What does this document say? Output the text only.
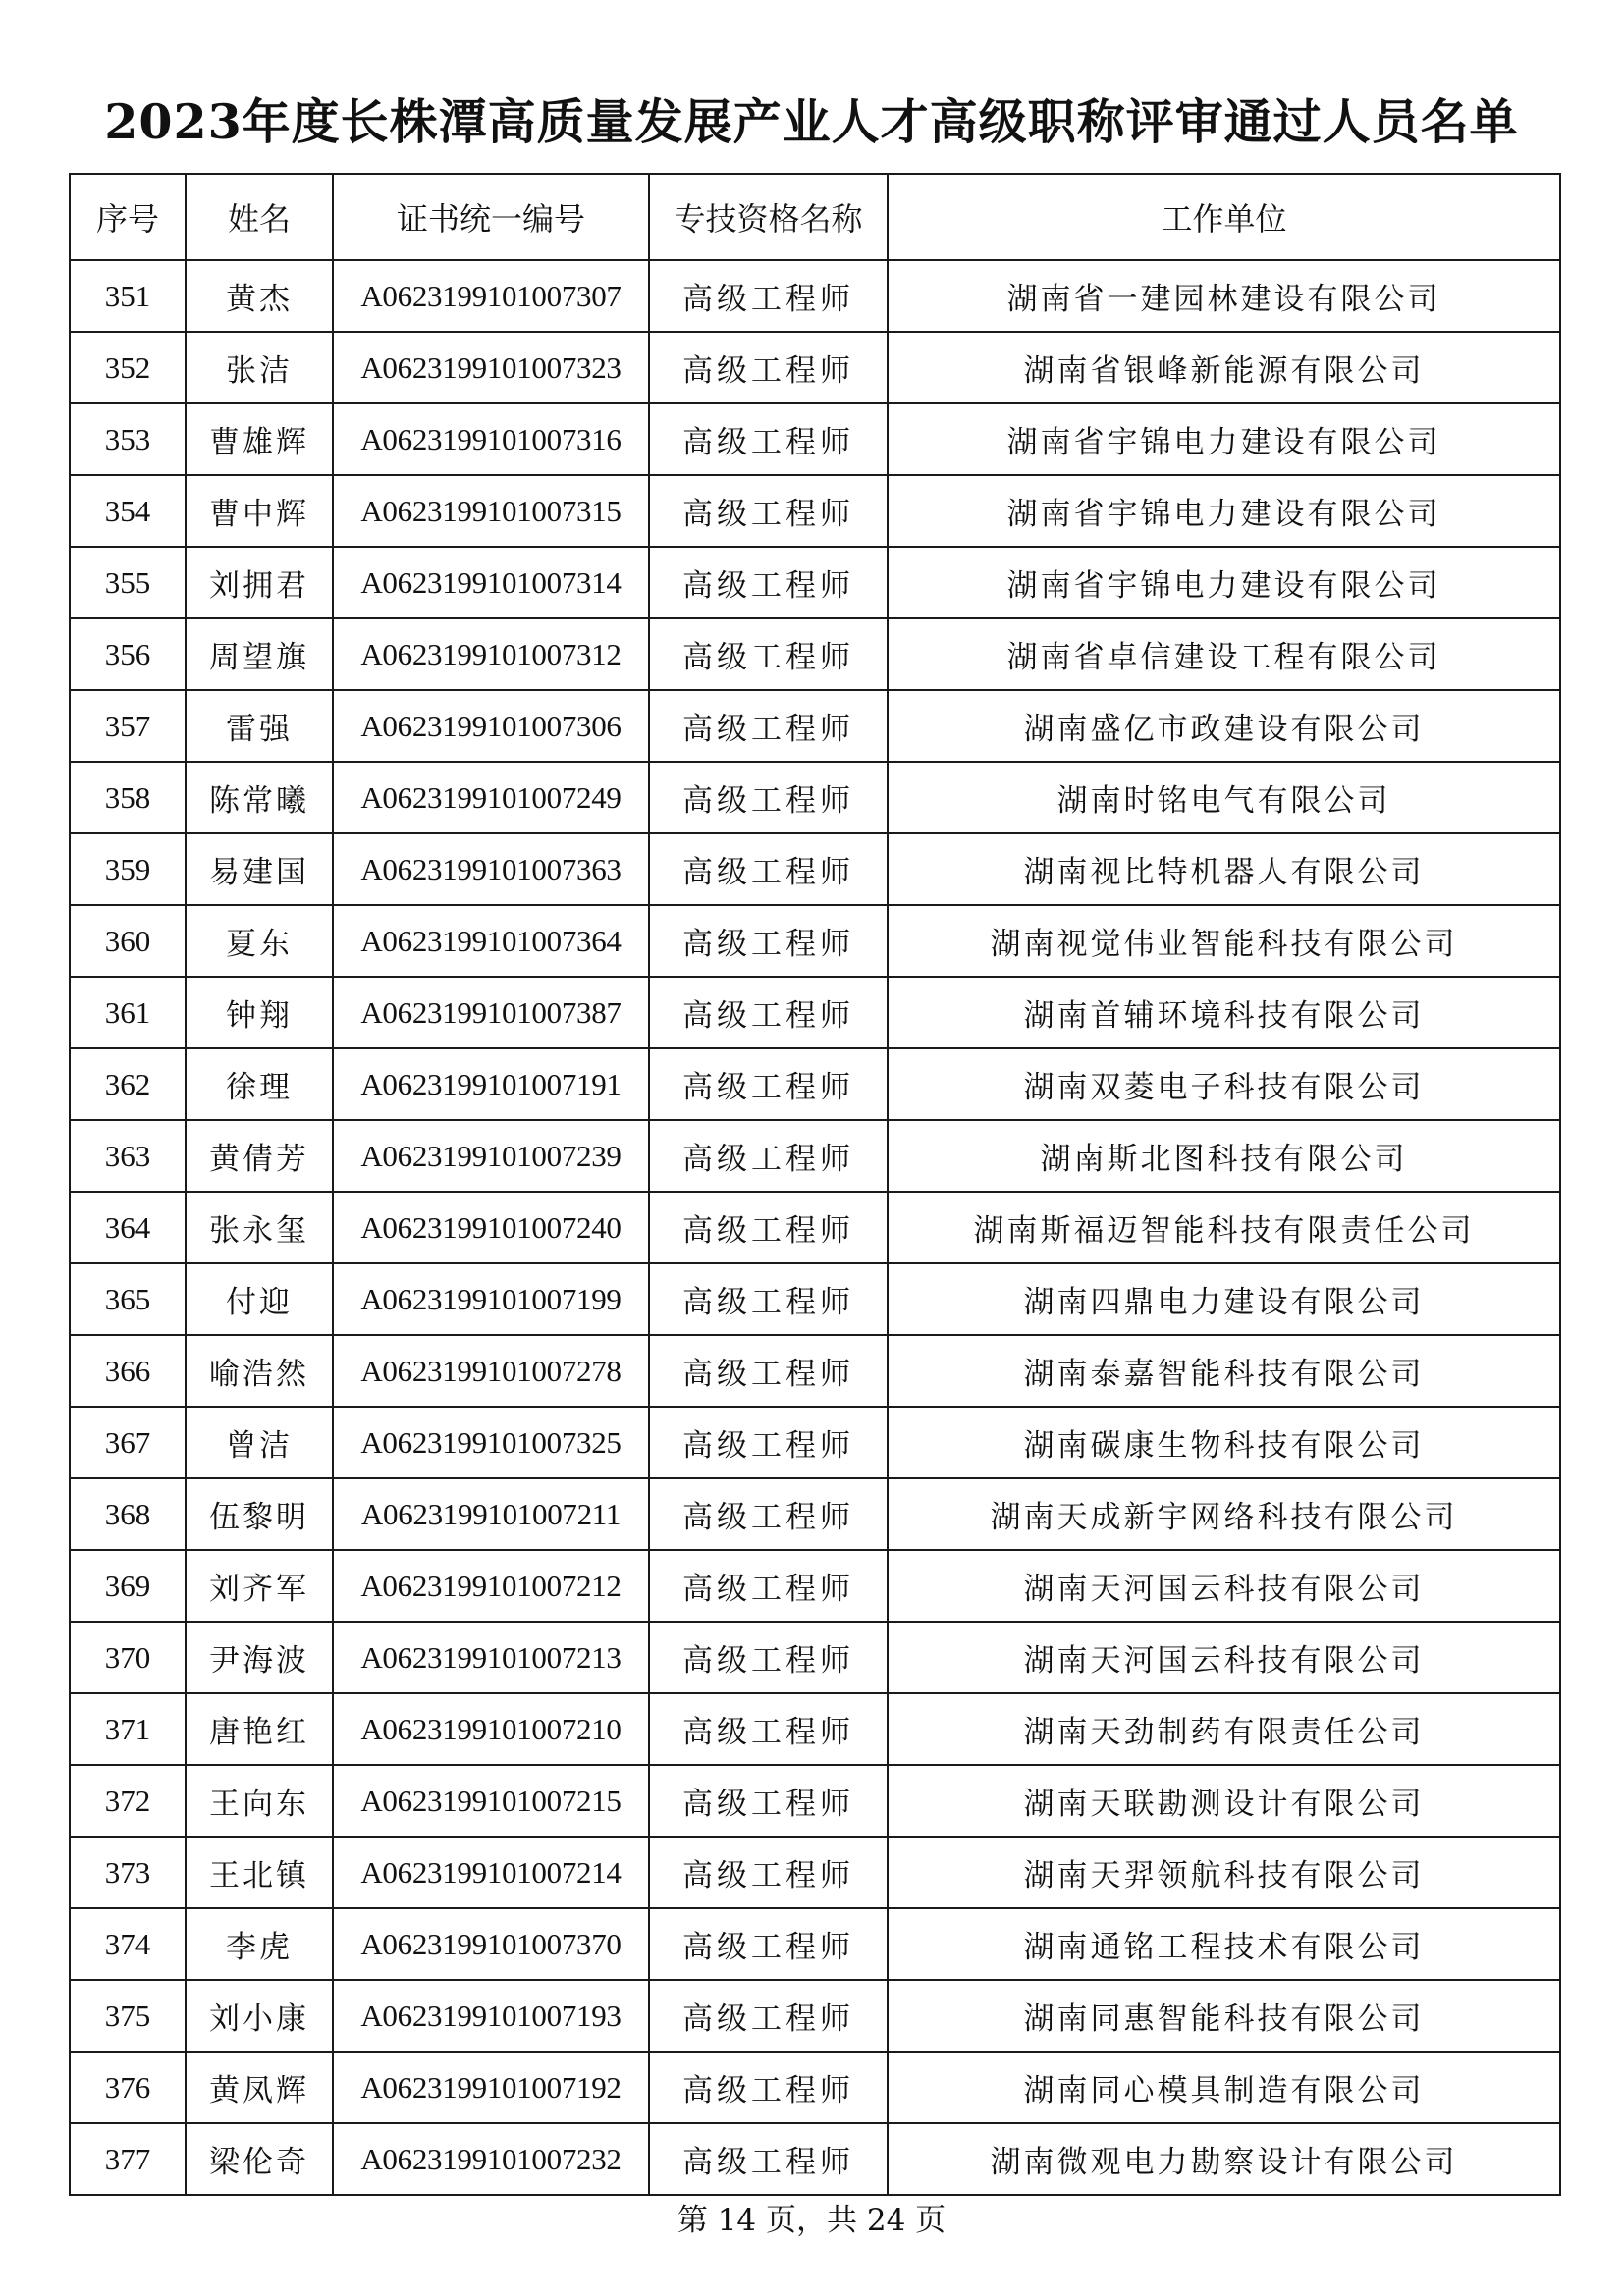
2023年度长株潭高质量发展产业人才高级职称评审通过人员名单
序号	姓名	证书统一编号	专技资格名称	工作单位
351	黄杰	A0623199101007307	高级工程师	湖南省一建园林建设有限公司
352	张洁	A0623199101007323	高级工程师	湖南省银峰新能源有限公司
353	曹雄辉	A0623199101007316	高级工程师	湖南省宇锦电力建设有限公司
354	曹中辉	A0623199101007315	高级工程师	湖南省宇锦电力建设有限公司
355	刘拥君	A0623199101007314	高级工程师	湖南省宇锦电力建设有限公司
356	周望旗	A0623199101007312	高级工程师	湖南省卓信建设工程有限公司
357	雷强	A0623199101007306	高级工程师	湖南盛亿市政建设有限公司
358	陈常曦	A0623199101007249	高级工程师	湖南时铭电气有限公司
359	易建国	A0623199101007363	高级工程师	湖南视比特机器人有限公司
360	夏东	A0623199101007364	高级工程师	湖南视觉伟业智能科技有限公司
361	钟翔	A0623199101007387	高级工程师	湖南首辅环境科技有限公司
362	徐理	A0623199101007191	高级工程师	湖南双菱电子科技有限公司
363	黄倩芳	A0623199101007239	高级工程师	湖南斯北图科技有限公司
364	张永玺	A0623199101007240	高级工程师	湖南斯福迈智能科技有限责任公司
365	付迎	A0623199101007199	高级工程师	湖南四鼎电力建设有限公司
366	喻浩然	A0623199101007278	高级工程师	湖南泰嘉智能科技有限公司
367	曾洁	A0623199101007325	高级工程师	湖南碳康生物科技有限公司
368	伍黎明	A0623199101007211	高级工程师	湖南天成新宇网络科技有限公司
369	刘齐军	A0623199101007212	高级工程师	湖南天河国云科技有限公司
370	尹海波	A0623199101007213	高级工程师	湖南天河国云科技有限公司
371	唐艳红	A0623199101007210	高级工程师	湖南天劲制药有限责任公司
372	王向东	A0623199101007215	高级工程师	湖南天联勘测设计有限公司
373	王北镇	A0623199101007214	高级工程师	湖南天羿领航科技有限公司
374	李虎	A0623199101007370	高级工程师	湖南通铭工程技术有限公司
375	刘小康	A0623199101007193	高级工程师	湖南同惠智能科技有限公司
376	黄凤辉	A0623199101007192	高级工程师	湖南同心模具制造有限公司
377	梁伦奇	A0623199101007232	高级工程师	湖南微观电力勘察设计有限公司
第 14 页，共 24 页
